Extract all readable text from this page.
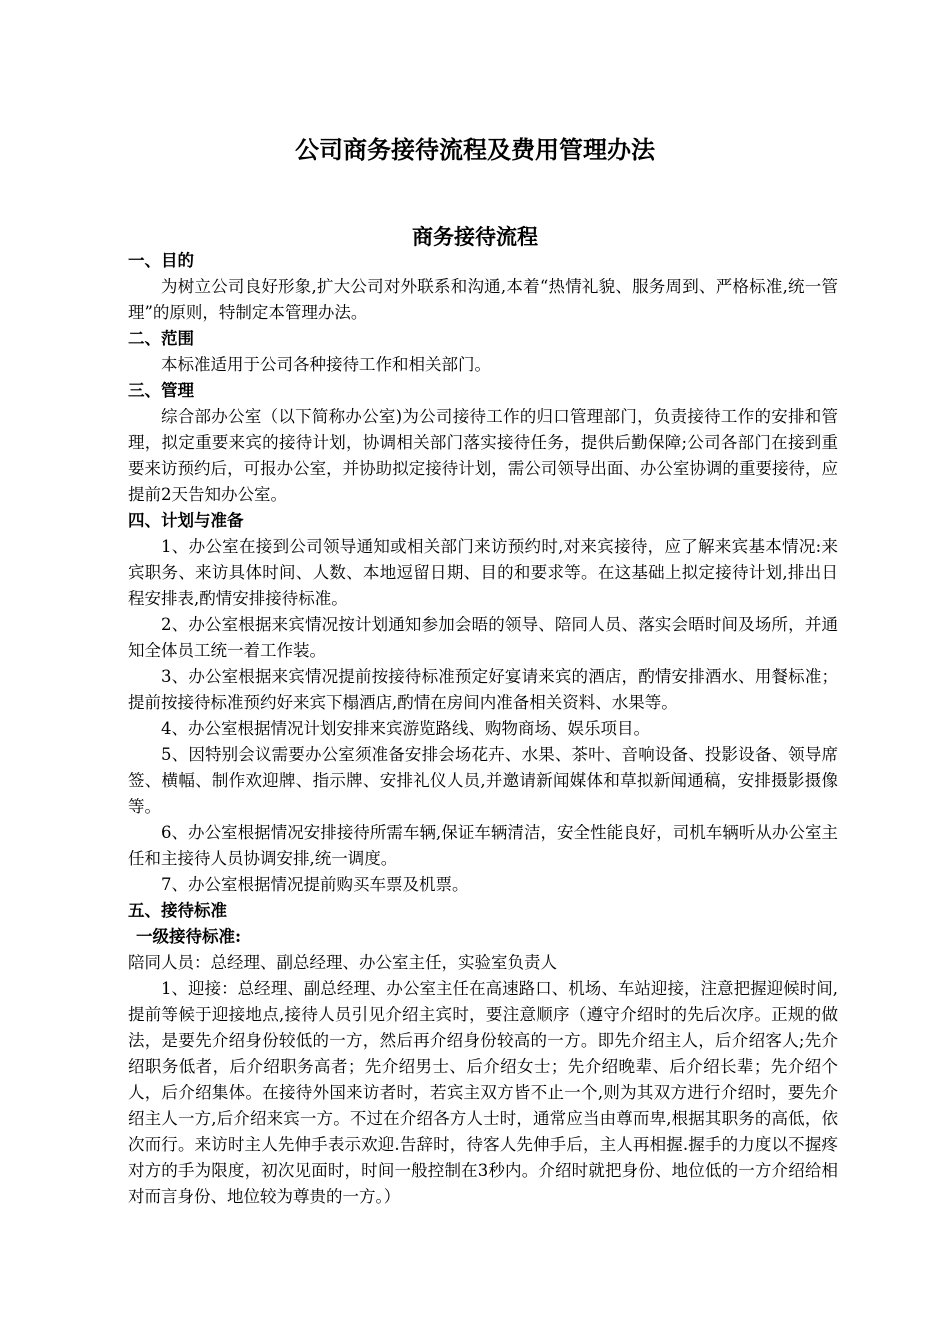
公司商务接待流程及费用管理办法
商务接待流程

一、目的

为树立公司良好形象,扩大公司对外联系和沟通,本着“热情礼貌、服务周到、严格标准,统一管理”的原则，特制定本管理办法。

二、范围

本标准适用于公司各种接待工作和相关部门。

三、管理

综合部办公室（以下简称办公室)为公司接待工作的归口管理部门，负责接待工作的安排和管理，拟定重要来宾的接待计划，协调相关部门落实接待任务，提供后勤保障;公司各部门在接到重要来访预约后，可报办公室，并协助拟定接待计划，需公司领导出面、办公室协调的重要接待，应提前2天告知办公室。

四、计划与准备

1、办公室在接到公司领导通知或相关部门来访预约时,对来宾接待，应了解来宾基本情况:来宾职务、来访具体时间、人数、本地逗留日期、目的和要求等。在这基础上拟定接待计划,排出日程安排表,酌情安排接待标准。

2、办公室根据来宾情况按计划通知参加会晤的领导、陪同人员、落实会晤时间及场所，并通知全体员工统一着工作装。

3、办公室根据来宾情况提前按接待标准预定好宴请来宾的酒店，酌情安排酒水、用餐标准；提前按接待标准预约好来宾下榻酒店,酌情在房间内准备相关资料、水果等。

4、办公室根据情况计划安排来宾游览路线、购物商场、娱乐项目。

5、因特别会议需要办公室须准备安排会场花卉、水果、茶叶、音响设备、投影设备、领导席签、横幅、制作欢迎牌、指示牌、安排礼仪人员,并邀请新闻媒体和草拟新闻通稿，安排摄影摄像等。

6、办公室根据情况安排接待所需车辆,保证车辆清洁，安全性能良好，司机车辆听从办公室主任和主接待人员协调安排,统一调度。

7、办公室根据情况提前购买车票及机票。

五、接待标准

一级接待标准:

陪同人员：总经理、副总经理、办公室主任，实验室负责人

1、迎接：总经理、副总经理、办公室主任在高速路口、机场、车站迎接，注意把握迎候时间,提前等候于迎接地点,接待人员引见介绍主宾时，要注意顺序（遵守介绍时的先后次序。正规的做法，是要先介绍身份较低的一方，然后再介绍身份较高的一方。即先介绍主人，后介绍客人;先介绍职务低者，后介绍职务高者；先介绍男士、后介绍女士；先介绍晚辈、后介绍长辈；先介绍个人，后介绍集体。在接待外国来访者时，若宾主双方皆不止一个,则为其双方进行介绍时，要先介绍主人一方,后介绍来宾一方。不过在介绍各方人士时，通常应当由尊而卑,根据其职务的高低，依次而行。来访时主人先伸手表示欢迎.告辞时，待客人先伸手后，主人再相握.握手的力度以不握疼对方的手为限度，初次见面时，时间一般控制在3秒内。介绍时就把身份、地位低的一方介绍给相对而言身份、地位较为尊贵的一方。）
